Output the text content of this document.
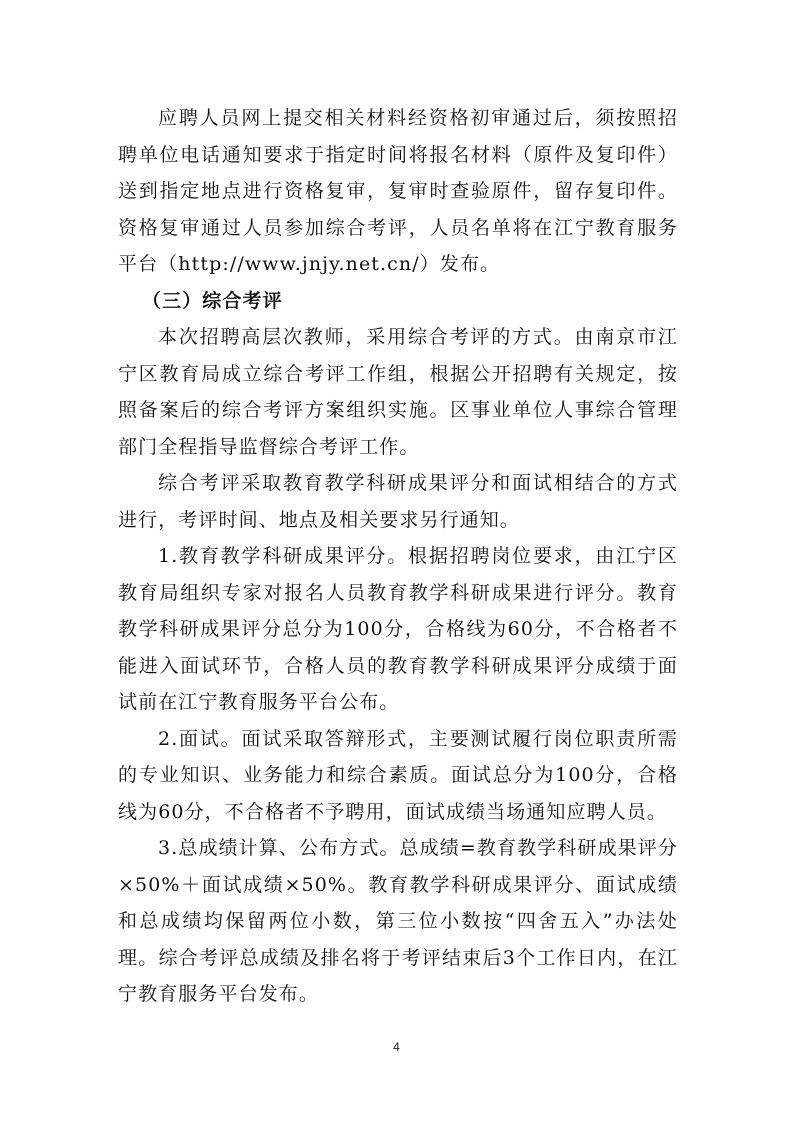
应聘人员网上提交相关材料经资格初审通过后，须按照招聘单位电话通知要求于指定时间将报名材料（原件及复印件）送到指定地点进行资格复审，复审时查验原件，留存复印件。资格复审通过人员参加综合考评，人员名单将在江宁教育服务平台（http://www.jnjy.net.cn/）发布。

（三）综合考评

本次招聘高层次教师，采用综合考评的方式。由南京市江宁区教育局成立综合考评工作组，根据公开招聘有关规定，按照备案后的综合考评方案组织实施。区事业单位人事综合管理部门全程指导监督综合考评工作。

综合考评采取教育教学科研成果评分和面试相结合的方式进行，考评时间、地点及相关要求另行通知。

1.教育教学科研成果评分。根据招聘岗位要求，由江宁区教育局组织专家对报名人员教育教学科研成果进行评分。教育教学科研成果评分总分为100分，合格线为60分，不合格者不能进入面试环节，合格人员的教育教学科研成果评分成绩于面试前在江宁教育服务平台公布。

2.面试。面试采取答辩形式，主要测试履行岗位职责所需的专业知识、业务能力和综合素质。面试总分为100分，合格线为60分，不合格者不予聘用，面试成绩当场通知应聘人员。

3.总成绩计算、公布方式。总成绩=教育教学科研成果评分×50%＋面试成绩×50%。教育教学科研成果评分、面试成绩和总成绩均保留两位小数，第三位小数按“四舍五入”办法处理。综合考评总成绩及排名将于考评结束后3个工作日内，在江宁教育服务平台发布。

4
